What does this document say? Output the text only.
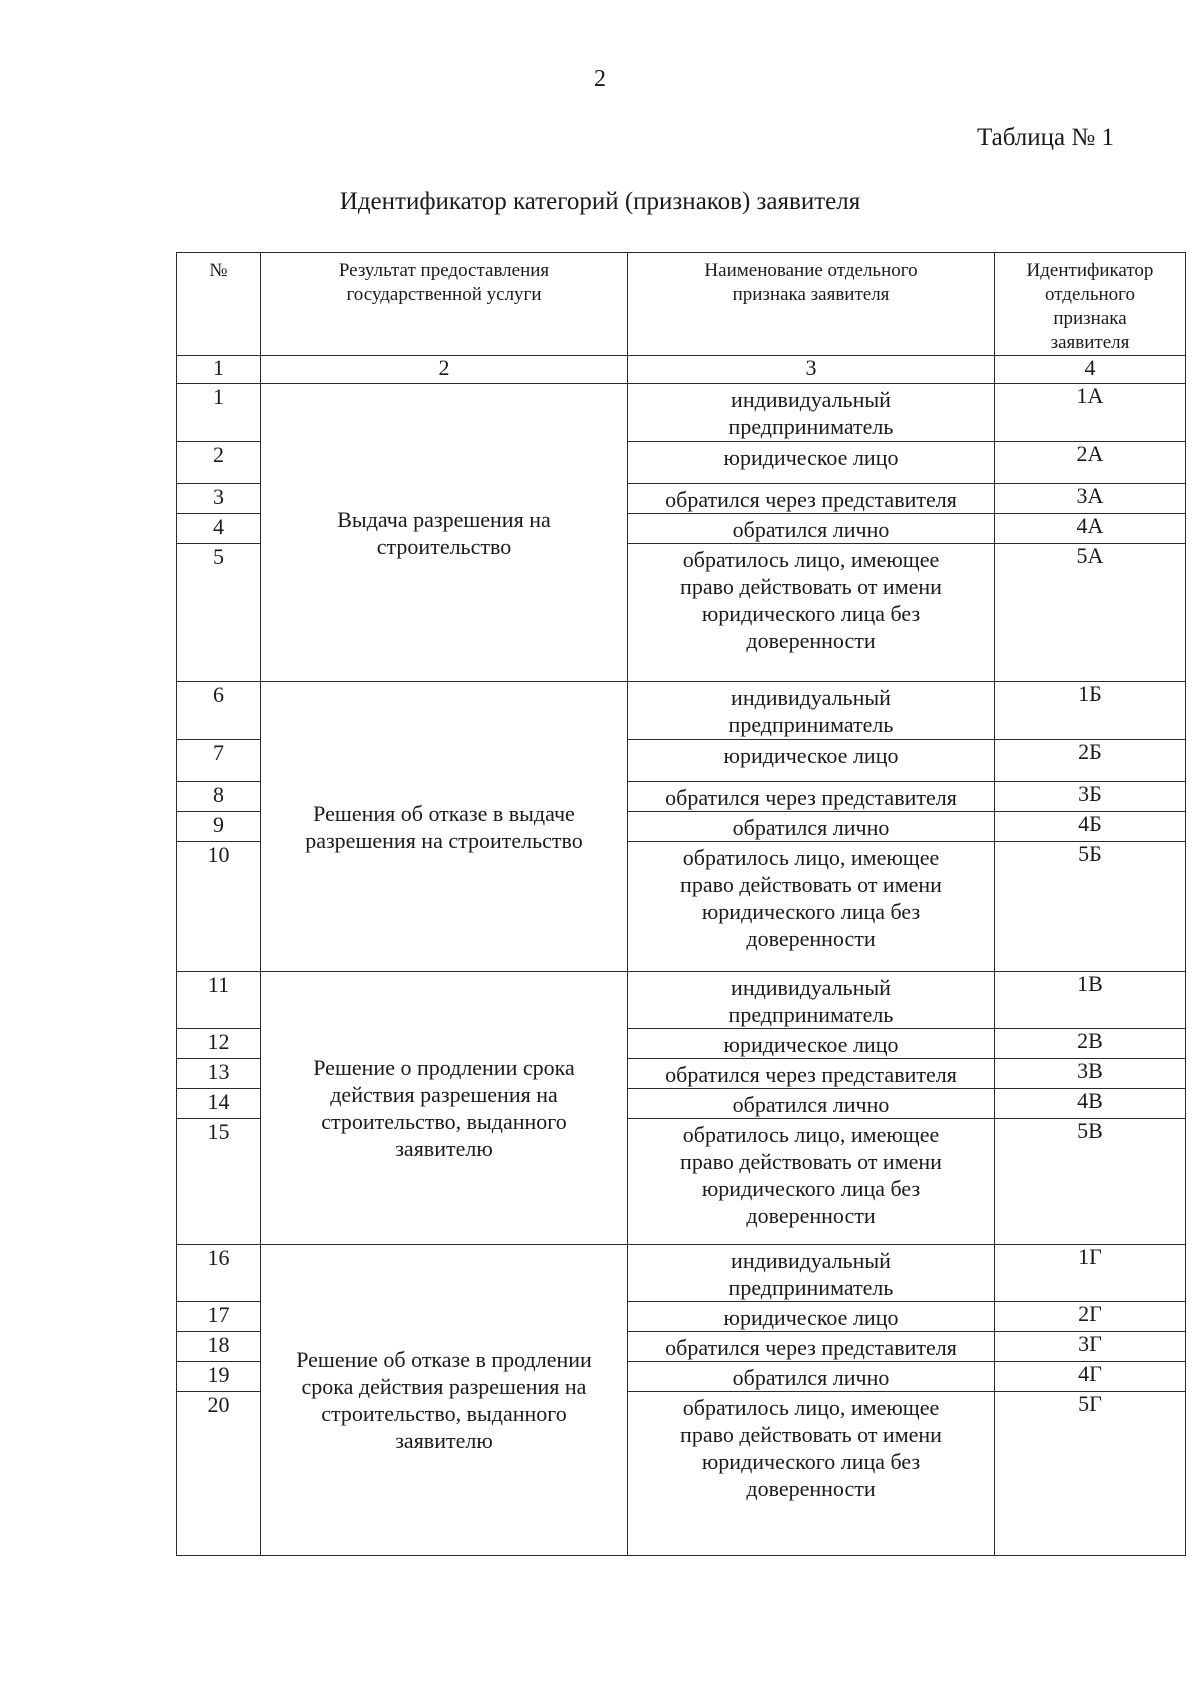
2
Таблица № 1
Идентификатор категорий (признаков) заявителя
№	Результат предоставления государственной услуги	Наименование отдельного признака заявителя	Идентификатор отдельного признака заявителя
1	2	3	4
1	Выдача разрешения на строительство	индивидуальный предприниматель	1А
2		юридическое лицо	2А
3		обратился через представителя	3А
4		обратился лично	4А
5		обратилось лицо, имеющее право действовать от имени юридического лица без доверенности	5А
6	Решения об отказе в выдаче разрешения на строительство	индивидуальный предприниматель	1Б
7		юридическое лицо	2Б
8		обратился через представителя	3Б
9		обратился лично	4Б
10		обратилось лицо, имеющее право действовать от имени юридического лица без доверенности	5Б
11	Решение о продлении срока действия разрешения на строительство, выданного заявителю	индивидуальный предприниматель	1В
12		юридическое лицо	2В
13		обратился через представителя	3В
14		обратился лично	4В
15		обратилось лицо, имеющее право действовать от имени юридического лица без доверенности	5В
16	Решение об отказе в продлении срока действия разрешения на строительство, выданного заявителю	индивидуальный предприниматель	1Г
17		юридическое лицо	2Г
18		обратился через представителя	3Г
19		обратился лично	4Г
20		обратилось лицо, имеющее право действовать от имени юридического лица без доверенности	5Г
